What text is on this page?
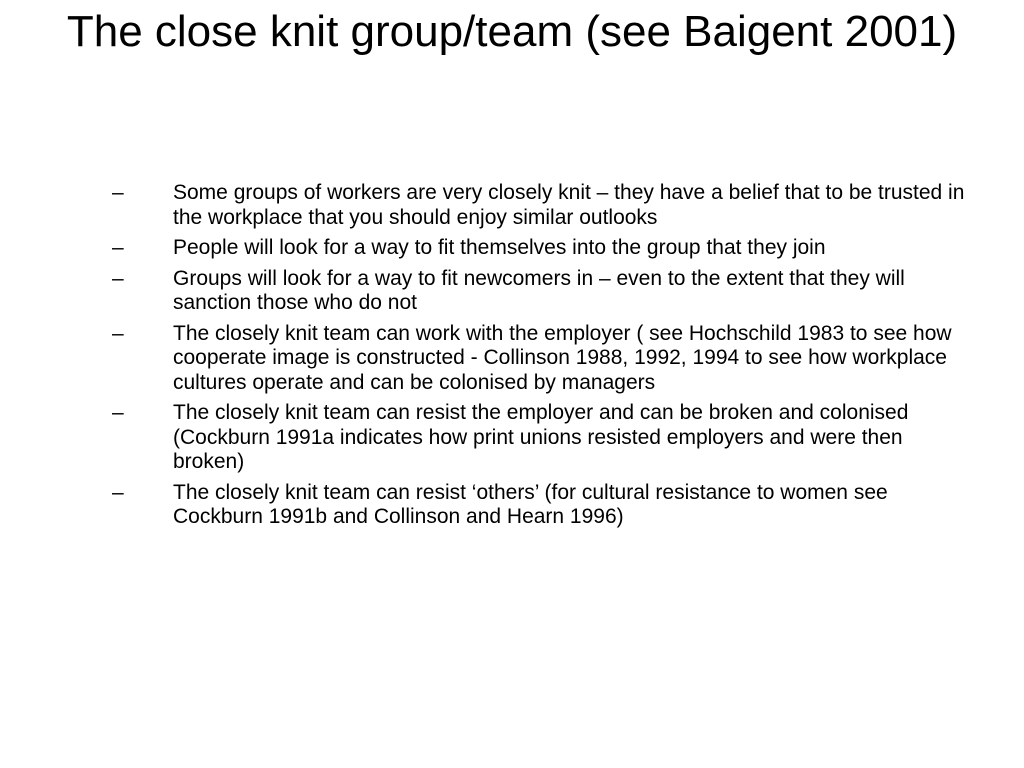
The close knit group/team (see Baigent 2001)
–	Some groups of workers are very closely knit – they have a belief that to be trusted in the workplace that you should enjoy similar outlooks
–	People will look for a way to fit themselves into the group that they join
–	Groups will look for a way to fit newcomers in – even to the extent that they will sanction those who do not
–	The closely knit team can work with the employer ( see Hochschild 1983 to see how cooperate image is constructed - Collinson 1988, 1992, 1994 to see how workplace cultures operate and can be colonised by managers
–	The closely knit team can resist the employer and can be broken and colonised (Cockburn 1991a indicates how print unions resisted employers and were then broken)
–	The closely knit team can resist ‘others’ (for cultural resistance to women see Cockburn 1991b and Collinson and Hearn 1996)
